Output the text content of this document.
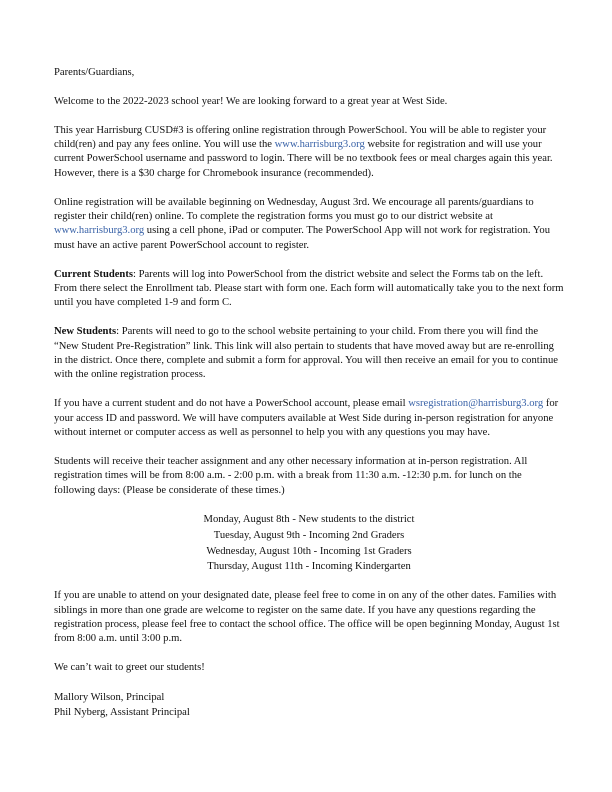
Parents/Guardians,

Welcome to the 2022-2023 school year! We are looking forward to a great year at West Side.

This year Harrisburg CUSD#3 is offering online registration through PowerSchool. You will be able to register your child(ren) and pay any fees online. You will use the www.harrisburg3.org website for registration and will use your current PowerSchool username and password to login. There will be no textbook fees or meal charges again this year. However, there is a $30 charge for Chromebook insurance (recommended).

Online registration will be available beginning on Wednesday, August 3rd. We encourage all parents/guardians to register their child(ren) online. To complete the registration forms you must go to our district website at www.harrisburg3.org using a cell phone, iPad or computer. The PowerSchool App will not work for registration. You must have an active parent PowerSchool account to register.

Current Students: Parents will log into PowerSchool from the district website and select the Forms tab on the left. From there select the Enrollment tab. Please start with form one. Each form will automatically take you to the next form until you have completed 1-9 and form C.

New Students: Parents will need to go to the school website pertaining to your child. From there you will find the “New Student Pre-Registration” link. This link will also pertain to students that have moved away but are re-enrolling in the district. Once there, complete and submit a form for approval. You will then receive an email for you to continue with the online registration process.

If you have a current student and do not have a PowerSchool account, please email wsregistration@harrisburg3.org for your access ID and password. We will have computers available at West Side during in-person registration for anyone without internet or computer access as well as personnel to help you with any questions you may have.

Students will receive their teacher assignment and any other necessary information at in-person registration. All registration times will be from 8:00 a.m. - 2:00 p.m. with a break from 11:30 a.m. -12:30 p.m. for lunch on the following days: (Please be considerate of these times.)

Monday, August 8th - New students to the district
Tuesday, August 9th - Incoming 2nd Graders
Wednesday, August 10th - Incoming 1st Graders
Thursday, August 11th - Incoming Kindergarten

If you are unable to attend on your designated date, please feel free to come in on any of the other dates. Families with siblings in more than one grade are welcome to register on the same date. If you have any questions regarding the registration process, please feel free to contact the school office. The office will be open beginning Monday, August 1st from 8:00 a.m. until 3:00 p.m.

We can’t wait to greet our students!

Mallory Wilson, Principal
Phil Nyberg, Assistant Principal
